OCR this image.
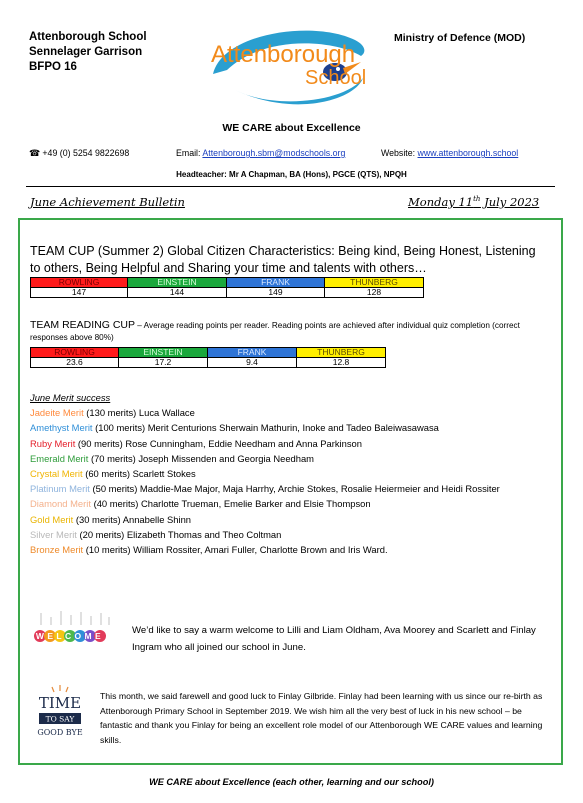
Attenborough School
Sennelager Garrison
BFPO 16	Attenborough
School
Ministry of Defence (MOD)
WE CARE about Excellence
☎ +49 (0) 5254 9822698	Email: Attenborough.sbm@modschools.org	Website: www.attenborough.school
Headteacher: Mr A Chapman, BA (Hons), PGCE (QTS), NPQH
June Achievement Bulletin	Monday 11th July 2023
TEAM CUP (Summer 2) Global Citizen Characteristics: Being kind, Being Honest, Listening to others, Being Helpful and Sharing your time and talents with others…
ROWLING	EINSTEIN	FRANK	THUNBERG
147	144	149	128
TEAM READING CUP – Average reading points per reader. Reading points are achieved after individual quiz completion (correct responses above 80%)
ROWLING	EINSTEIN	FRANK	THUNBERG
23.6	17.2	9.4	12.8
June Merit success
Jadeite Merit (130 merits) Luca Wallace
Amethyst Merit (100 merits) Merit Centurions Sherwain Mathurin, Inoke and Tadeo Baleiwasawasa
Ruby Merit (90 merits) Rose Cunningham, Eddie Needham and Anna Parkinson
Emerald Merit (70 merits) Joseph Missenden and Georgia Needham
Crystal Merit (60 merits) Scarlett Stokes
Platinum Merit (50 merits) Maddie-Mae Major, Maja Harrhy, Archie Stokes, Rosalie Heiermeier and Heidi Rossiter
Diamond Merit (40 merits) Charlotte Trueman, Emelie Barker and Elsie Thompson
Gold Merit (30 merits) Annabelle Shinn
Silver Merit (20 merits) Elizabeth Thomas and Theo Coltman
Bronze Merit (10 merits) William Rossiter, Amari Fuller, Charlotte Brown and Iris Ward.
WELCOME	We’d like to say a warm welcome to Lilli and Liam Oldham, Ava Moorey and Scarlett and Finlay Ingram who all joined our school in June.
TIME
TO SAY
GOOD BYE
This month, we said farewell and good luck to Finlay Gilbride. Finlay had been learning with us since our re-birth as Attenborough Primary School in September 2019. We wish him all the very best of luck in his new school – be fantastic and thank you Finlay for being an excellent role model of our Attenborough WE CARE values and learning skills.
WE CARE about Excellence (each other, learning and our school)
